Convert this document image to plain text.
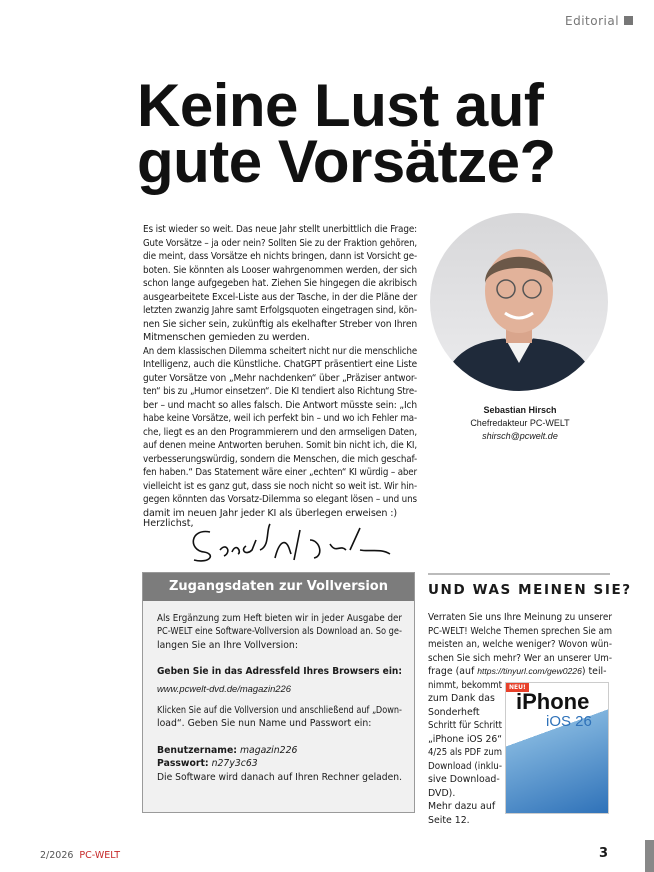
Editorial
Keine Lust auf
gute Vorsätze?
Es ist wieder so weit. Das neue Jahr stellt unerbittlich die Frage:
Gute Vorsätze – ja oder nein? Sollten Sie zu der Fraktion gehören,
die meint, dass Vorsätze eh nichts bringen, dann ist Vorsicht ge-
boten. Sie könnten als Looser wahrgenommen werden, der sich
schon lange aufgegeben hat. Ziehen Sie hingegen die akribisch
ausgearbeitete Excel-Liste aus der Tasche, in der die Pläne der
letzten zwanzig Jahre samt Erfolgsquoten eingetragen sind, kön-
nen Sie sicher sein, zukünftig als ekelhafter Streber von Ihren
Mitmenschen gemieden zu werden.
An dem klassischen Dilemma scheitert nicht nur die menschliche
Intelligenz, auch die Künstliche. ChatGPT präsentiert eine Liste
guter Vorsätze von „Mehr nachdenken“ über „Präziser antwor-
ten“ bis zu „Humor einsetzen“. Die KI tendiert also Richtung Stre-
ber – und macht so alles falsch. Die Antwort müsste sein: „Ich
habe keine Vorsätze, weil ich perfekt bin – und wo ich Fehler ma-
che, liegt es an den Programmierern und den armseligen Daten,
auf denen meine Antworten beruhen. Somit bin nicht ich, die KI,
verbesserungswürdig, sondern die Menschen, die mich geschaf-
fen haben.“ Das Statement wäre einer „echten“ KI würdig – aber
vielleicht ist es ganz gut, dass sie noch nicht so weit ist. Wir hin-
gegen könnten das Vorsatz-Dilemma so elegant lösen – und uns
damit im neuen Jahr jeder KI als überlegen erweisen :)
Herzlichst,
Sebastian Hirsch
Chefredakteur PC-WELT
shirsch@pcwelt.de
Zugangsdaten zur Vollversion
Als Ergänzung zum Heft bieten wir in jeder Ausgabe der
PC-WELT eine Software-Vollversion als Download an. So ge-
langen Sie an Ihre Vollversion:
Geben Sie in das Adressfeld Ihres Browsers ein:
www.pcwelt-dvd.de/magazin226
Klicken Sie auf die Vollversion und anschließend auf „Down-
load“. Geben Sie nun Name und Passwort ein:
Benutzername: magazin226
Passwort: n27y3c63
Die Software wird danach auf Ihren Rechner geladen.
UND WAS MEINEN SIE?
Verraten Sie uns Ihre Meinung zu unserer
PC-WELT! Welche Themen sprechen Sie am
meisten an, welche weniger? Wovon wün-
schen Sie sich mehr? Wer an unserer Um-
frage (auf https://tinyurl.com/gew0226) teil-
nimmt, bekommt
zum Dank das
Sonderheft
Schritt für Schritt
„iPhone iOS 26“
4/25 als PDF zum
Download (inklu-
sive Download-
DVD).
Mehr dazu auf
Seite 12.
NEU!
iPhone
iOS 26
2/2026 PC-WELT	3
